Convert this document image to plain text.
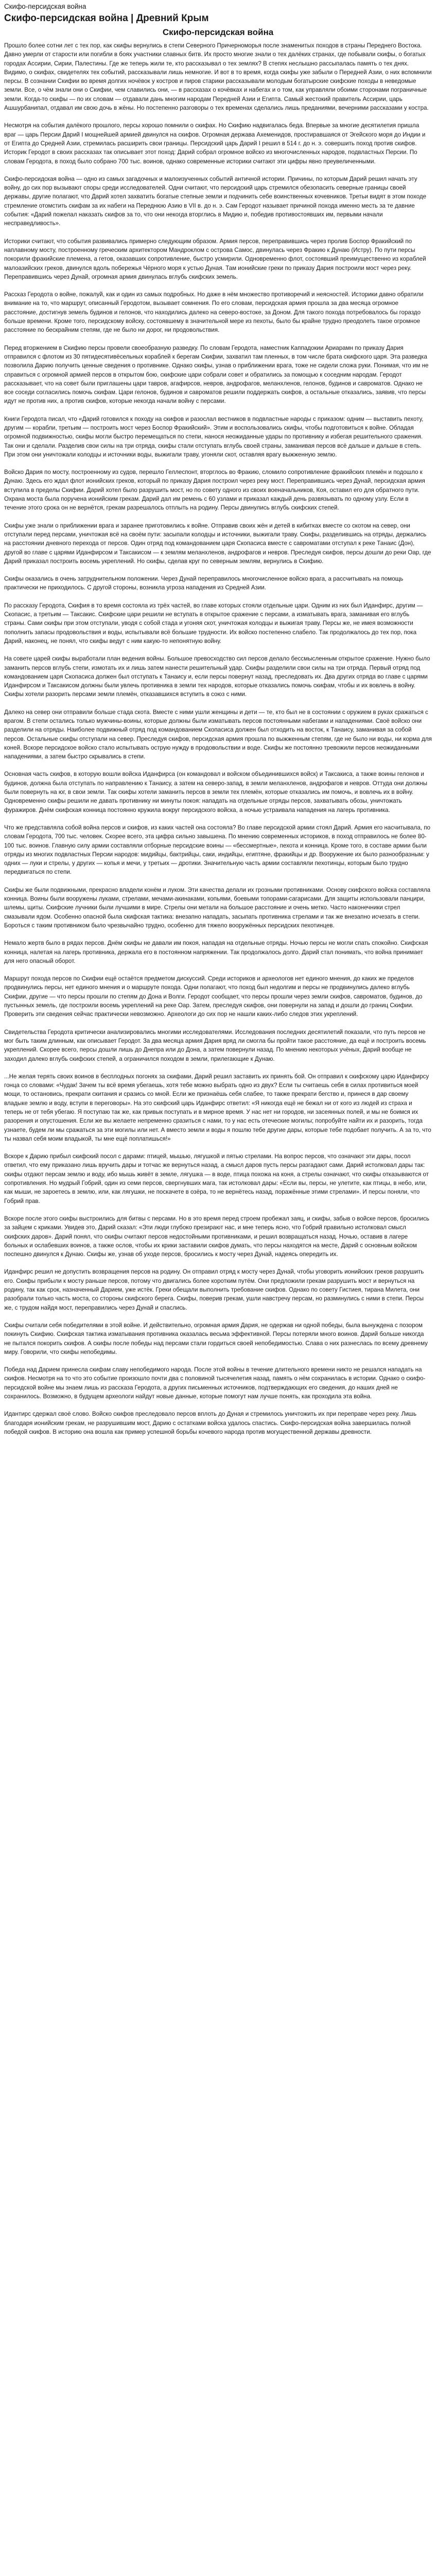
Скифо-персидская война
Скифо-персидская война | Древний Крым
Скифо-персидская война

Прошло более сотни лет с тех пор, как скифы вернулись в степи Северного Причерноморья после знаменитых походов в страны Переднего Востока. Давно умерли от старости или погибли в боях участники славных битв. Их просто многие знали о тех далёких странах, где побывали скифы, о богатых городах Ассирии, Сирии, Палестины. Где же теперь жили те, кто рассказывал о тех землях? В степях неслышно рассыпалась память о тех днях. Видимо, о скифах, свидетелях тех событий, рассказывали лишь немногие. И вот в то время, когда скифы уже забыли о Передней Азии, о них вспомнили персы. В сознании Скифии во время долгих ночёвок у костров и пиров старики рассказывали молодым богатырские скифские походы в неведомые земли. Все, о чём знали они о Скифии, чем славились они, — в рассказах о кочёвках и набегах и о том, как управляли обоими сторонами пограничные земли. Когда-то скифы — по их словам — отдавали дань многим народам Передней Азии и Египта. Самый жестокий правитель Ассирии, царь Ашшурбанипал, отдавал им свою дочь в жёны. Но постепенно разговоры о тех временах сделались лишь преданиями, вечерними рассказами у костра.

Несмотря на события далёкого прошлого, персы хорошо помнили о скифах. Но Скифию надвигалась беда. Впервые за многие десятилетия пришла враг — царь Персии Дарий I мощнейшей армией двинулся на скифов. Огромная держава Ахеменидов, простиравшаяся от Эгейского моря до Индии и от Египта до Средней Азии, стремилась расширить свои границы. Персидский царь Дарий I решил в 514 г. до н. э. совершить поход против скифов. Историк Геродот в своих рассказах так описывает этот поход: Дарий собрал огромное войско из многочисленных народов, подвластных Персии. По словам Геродота, в поход было собрано 700 тыс. воинов, однако современные историки считают эти цифры явно преувеличенными.

Скифо-персидская война — одно из самых загадочных и малоизученных событий античной истории. Причины, по которым Дарий решил начать эту войну, до сих пор вызывают споры среди исследователей. Одни считают, что персидский царь стремился обезопасить северные границы своей державы, другие полагают, что Дарий хотел захватить богатые степные земли и подчинить себе воинственных кочевников. Третьи видят в этом походе стремление отомстить скифам за их набеги на Переднюю Азию в VII в. до н. э. Сам Геродот называет причиной похода именно месть за те давние события: «Дарий пожелал наказать скифов за то, что они некогда вторглись в Мидию и, победив противостоявших им, первыми начали несправедливость».

Историки считают, что события развивались примерно следующим образом. Армия персов, переправившись через пролив Боспор Фракийский по наплавному мосту, построенному греческим архитектором Мандроклом с острова Самос, двинулась через Фракию к Дунаю (Истру). По пути персы покорили фракийские племена, а гетов, оказавших сопротивление, быстро усмирили. Одновременно флот, состоявший преимущественно из кораблей малоазийских греков, двинулся вдоль побережья Чёрного моря к устью Дуная. Там ионийские греки по приказу Дария построили мост через реку. Переправившись через Дунай, огромная армия двинулась вглубь скифских земель.

Рассказ Геродота о войне, пожалуй, как и один из самых подробных. Но даже в нём множество противоречий и неясностей. Историки давно обратили внимание на то, что маршрут, описанный Геродотом, вызывает сомнения. По его словам, персидская армия прошла за два месяца огромное расстояние, достигнув земель будинов и гелонов, что находились далеко на северо-востоке, за Доном. Для такого похода потребовалось бы гораздо больше времени. Кроме того, персидскому войску, состоявшему в значительной мере из пехоты, было бы крайне трудно преодолеть такое огромное расстояние по бескрайним степям, где не было ни дорог, ни продовольствия.

Перед вторжением в Скифию персы провели своеобразную разведку. По словам Геродота, наместник Каппадокии Ариарамн по приказу Дария отправился с флотом из 30 пятидесятивёсельных кораблей к берегам Скифии, захватил там пленных, в том числе брата скифского царя. Эта разведка позволила Дарию получить ценные сведения о противнике. Однако скифы, узнав о приближении врага, тоже не сидели сложа руки. Понимая, что им не справиться с огромной армией персов в открытом бою, скифские цари собрали совет и обратились за помощью к соседним народам. Геродот рассказывает, что на совет были приглашены цари тавров, агафирсов, невров, андрофагов, меланхленов, гелонов, будинов и савроматов. Однако не все соседи согласились помочь скифам. Цари гелонов, будинов и савроматов решили поддержать скифов, а остальные отказались, заявив, что персы идут не против них, а против скифов, которые некогда начали войну с персами.

Книги Геродота писал, что «Дарий готовился к походу на скифов и разослал вестников в подвластные народы с приказом: одним — выставить пехоту, другим — корабли, третьим — построить мост через Боспор Фракийский». Этим и воспользовались скифы, чтобы подготовиться к войне. Обладая огромной подвижностью, скифы могли быстро перемещаться по степи, нанося неожиданные удары по противнику и избегая решительного сражения. Так они и сделали. Разделив свои силы на три отряда, скифы стали отступать вглубь своей страны, заманивая персов всё дальше и дальше в степь. При этом они уничтожали колодцы и источники воды, выжигали траву, угоняли скот, оставляя врагу выжженную землю.

Войско Дария по мосту, построенному из судов, перешло Геллеспонт, вторглось во Фракию, сломило сопротивление фракийских племён и подошло к Дунаю. Здесь его ждал флот ионийских греков, который по приказу Дария построил через реку мост. Переправившись через Дунай, персидская армия вступила в пределы Скифии. Дарий хотел было разрушить мост, но по совету одного из своих военачальников, Коя, оставил его для обратного пути. Охрана моста была поручена ионийским грекам. Дарий дал им ремень с 60 узлами и приказал каждый день развязывать по одному узлу. Если в течение этого срока он не вернётся, грекам разрешалось отплыть на родину. Персы двинулись вглубь скифских степей.

Скифы уже знали о приближении врага и заранее приготовились к войне. Отправив своих жён и детей в кибитках вместе со скотом на север, они отступали перед персами, уничтожая всё на своём пути: засыпали колодцы и источники, выжигали траву. Скифы, разделившись на отряды, держались на расстоянии дневного перехода от персов. Один отряд под командованием царя Скопасиса вместе с савроматами отступал к реке Танаис (Дон), другой во главе с царями Иданфирсом и Таксакисом — к землям меланхленов, андрофагов и невров. Преследуя скифов, персы дошли до реки Оар, где Дарий приказал построить восемь укреплений. Но скифы, сделав круг по северным землям, вернулись в Скифию.

Скифы оказались в очень затруднительном положении. Через Дунай переправилось многочисленное войско врага, а рассчитывать на помощь практически не приходилось. С другой стороны, возникла угроза нападения из Средней Азии.

По рассказу Геродота, Скифия в то время состояла из трёх частей, во главе которых стояли отдельные цари. Одним из них был Иданфирс, другим — Скопасис, а третьим — Таксакис. Скифские цари решили не вступать в открытое сражение с персами, а изматывать врага, заманивая его вглубь страны. Сами скифы при этом отступали, уводя с собой стада и угоняя скот, уничтожая колодцы и выжигая траву. Персы же, не имея возможности пополнить запасы продовольствия и воды, испытывали всё большие трудности. Их войско постепенно слабело. Так продолжалось до тех пор, пока Дарий, наконец, не понял, что скифы ведут с ним какую-то непонятную войну.

На совете царей скифы выработали план ведения войны. Большое превосходство сил персов делало бессмысленным открытое сражение. Нужно было заманить персов вглубь степи, измотать их и лишь затем нанести решительный удар. Скифы разделили свои силы на три отряда. Первый отряд под командованием царя Скопасиса должен был отступать к Танаису и, если персы повернут назад, преследовать их. Два других отряда во главе с царями Иданфирсом и Таксакисом должны были увлечь противника в земли тех народов, которые отказались помочь скифам, чтобы и их вовлечь в войну. Скифы хотели разорить персами земли племён, отказавшихся вступить в союз с ними.

Далеко на север они отправили больше стада скота. Вместе с ними ушли женщины и дети — те, кто был не в состоянии с оружием в руках сражаться с врагом. В степи остались только мужчины-воины, которые должны были изматывать персов постоянными набегами и нападениями. Своё войско они разделили на отряды. Наиболее подвижный отряд под командованием Скопасиса должен был отходить на восток, к Танаису, заманивая за собой персов. Остальные скифы отступали на север. Преследуя скифов, персидская армия прошла по выжженным степям, где не было ни воды, ни корма для коней. Вскоре персидское войско стало испытывать острую нужду в продовольствии и воде. Скифы же постоянно тревожили персов неожиданными нападениями, а затем быстро скрывались в степи.

Основная часть скифов, в которую вошли войска Иданфирса (он командовал и войском объединившихся войск) и Таксакиса, а также воины гелонов и будинов, должна была отступать по направлению к Танаису, а затем на северо-запад, в земли меланхленов, андрофагов и невров. Оттуда они должны были повернуть на юг, в свои земли. Так скифы хотели заманить персов в земли тех племён, которые отказались им помочь, и вовлечь их в войну. Одновременно скифы решили не давать противнику ни минуты покоя: нападать на отдельные отряды персов, захватывать обозы, уничтожать фуражиров. Днём скифская конница постоянно кружила вокруг персидского войска, а ночью устраивала нападения на лагерь противника.

Что же представляла собой война персов и скифов, из каких частей она состояла? Во главе персидской армии стоял Дарий. Армия его насчитывала, по словам Геродота, 700 тыс. человек. Скорее всего, эта цифра сильно завышена. По мнению современных историков, в поход отправилось не более 80-100 тыс. воинов. Главную силу армии составляли отборные персидские воины — «бессмертные», пехота и конница. Кроме того, в составе армии были отряды из многих подвластных Персии народов: мидийцы, бактрийцы, саки, индийцы, египтяне, фракийцы и др. Вооружение их было разнообразным: у одних — луки и стрелы, у других — копья и мечи, у третьих — дротики. Значительную часть армии составляли пехотинцы, которым было трудно передвигаться по степи.

Скифы же были подвижными, прекрасно владели конём и луком. Эти качества делали их грозными противниками. Основу скифского войска составляла конница. Воины были вооружены луками, стрелами, мечами-акинаками, копьями, боевыми топорами-сагарисами. Для защиты использовали панцири, шлемы, щиты. Скифские лучники были лучшими в мире. Стрелы они метали на большое расстояние и очень метко. Часто наконечники стрел смазывали ядом. Особенно опасной была скифская тактика: внезапно нападать, засыпать противника стрелами и так же внезапно исчезать в степи. Бороться с таким противником было чрезвычайно трудно, особенно для тяжело вооружённых персидских пехотинцев.

Немало жертв было в рядах персов. Днём скифы не давали им покоя, нападая на отдельные отряды. Ночью персы не могли спать спокойно. Скифская конница, налетая на лагерь противника, держала его в постоянном напряжении. Так продолжалось долго. Дарий стал понимать, что война принимает для него опасный оборот.

Маршрут похода персов по Скифии ещё остаётся предметом дискуссий. Среди историков и археологов нет единого мнения, до каких же пределов продвинулись персы, нет единого мнения и о маршруте похода. Одни полагают, что поход был недолгим и персы не продвинулись далеко вглубь Скифии, другие — что персы прошли по степям до Дона и Волги. Геродот сообщает, что персы прошли через земли скифов, савроматов, будинов, до пустынных земель, где построили восемь укреплений на реке Оар. Затем, преследуя скифов, они повернули на запад и дошли до границ Скифии. Проверить эти сведения сейчас практически невозможно. Археологи до сих пор не нашли каких-либо следов этих укреплений.

Свидетельства Геродота критически анализировались многими исследователями. Исследования последних десятилетий показали, что путь персов не мог быть таким длинным, как описывает Геродот. За два месяца армия Дария вряд ли смогла бы пройти такое расстояние, да ещё и построить восемь укреплений. Скорее всего, персы дошли лишь до Днепра или до Дона, а затем повернули назад. По мнению некоторых учёных, Дарий вообще не заходил далеко вглубь скифских степей, а ограничился походом в земли, прилегающие к Дунаю.

...Не желая терять своих воинов в бесплодных погонях за скифами, Дарий решил заставить их принять бой. Он отправил к скифскому царю Иданфирсу гонца со словами: «Чудак! Зачем ты всё время убегаешь, хотя тебе можно выбрать одно из двух? Если ты считаешь себя в силах противиться моей мощи, то остановись, прекрати скитания и сразись со мной. Если же признаёшь себя слабее, то также прекрати бегство и, принеся в дар своему владыке землю и воду, вступи в переговоры». На это скифский царь Иданфирс ответил: «Я никогда ещё не бежал ни от кого из людей из страха и теперь не от тебя убегаю. Я поступаю так же, как привык поступать и в мирное время. У нас нет ни городов, ни засеянных полей, и мы не боимся их разорения и опустошения. Если же вы желаете непременно сразиться с нами, то у нас есть отеческие могилы; попробуйте найти их и разорить, тогда узнаете, будем ли мы сражаться за эти могилы или нет. А вместо земли и воды я пошлю тебе другие дары, которые тебе подобает получить. А за то, что ты назвал себя моим владыкой, ты мне ещё поплатишься!»

Вскоре к Дарию прибыл скифский посол с дарами: птицей, мышью, лягушкой и пятью стрелами. На вопрос персов, что означают эти дары, посол ответил, что ему приказано лишь вручить дары и тотчас же вернуться назад, а смысл даров пусть персы разгадают сами. Дарий истолковал дары так: скифы отдают персам землю и воду, ибо мышь живёт в земле, лягушка — в воде, птица похожа на коня, а стрелы означают, что скифы отказываются от сопротивления. Но мудрый Гобрий, один из семи персов, свергнувших мага, так истолковал дары: «Если вы, персы, не улетите, как птицы, в небо, или, как мыши, не зароетесь в землю, или, как лягушки, не поскачете в озёра, то не вернётесь назад, поражённые этими стрелами». И персы поняли, что Гобрий прав.

Вскоре после этого скифы выстроились для битвы с персами. Но в это время перед строем пробежал заяц, и скифы, забыв о войске персов, бросились за зайцем с криками. Увидев это, Дарий сказал: «Эти люди глубоко презирают нас, и мне теперь ясно, что Гобрий правильно истолковал смысл скифских даров». Дарий понял, что скифы считают персов недостойными противниками, и решил возвращаться назад. Ночью, оставив в лагере больных и ослабевших воинов, а также ослов, чтобы их крики заставили скифов думать, что персы находятся на месте, Дарий с основным войском поспешно двинулся к Дунаю. Скифы же, узнав об уходе персов, бросились к мосту через Дунай, надеясь опередить их.

Иданфирс решил не допустить возвращения персов на родину. Он отправил отряд к мосту через Дунай, чтобы уговорить ионийских греков разрушить его. Скифы прибыли к мосту раньше персов, потому что двигались более коротким путём. Они предложили грекам разрушить мост и вернуться на родину, так как срок, назначенный Дарием, уже истёк. Греки обещали выполнить требование скифов. Однако по совету Гистиея, тирана Милета, они разобрали только часть моста, со стороны скифского берега. Скифы, поверив грекам, ушли навстречу персам, но разминулись с ними в степи. Персы же, с трудом найдя мост, переправились через Дунай и спаслись.

Скифы считали себя победителями в этой войне. И действительно, огромная армия Дария, не одержав ни одной победы, была вынуждена с позором покинуть Скифию. Скифская тактика изматывания противника оказалась весьма эффективной. Персы потеряли много воинов. Дарий больше никогда не пытался покорить скифов. А скифы после победы над персами стали гордиться своей непобедимостью. Слава о них разнеслась по всему древнему миру. Говорили, что скифы непобедимы.

Победа над Дарием принесла скифам славу непобедимого народа. После этой войны в течение длительного времени никто не решался нападать на скифов. Несмотря на то что это событие произошло почти два с половиной тысячелетия назад, память о нём сохранилась в истории. Однако о скифо-персидской войне мы знаем лишь из рассказа Геродота, а других письменных источников, подтверждающих его сведения, до наших дней не сохранилось. Возможно, в будущем археологи найдут новые данные, которые помогут нам лучше понять, как проходила эта война.

Идантирс сдержал своё слово. Войско скифов преследовало персов вплоть до Дуная и стремилось уничтожить их при переправе через реку. Лишь благодаря ионийским грекам, не разрушившим мост, Дарию с остатками войска удалось спастись. Скифо-персидская война завершилась полной победой скифов. В историю она вошла как пример успешной борьбы кочевого народа против могущественной державы древности.
